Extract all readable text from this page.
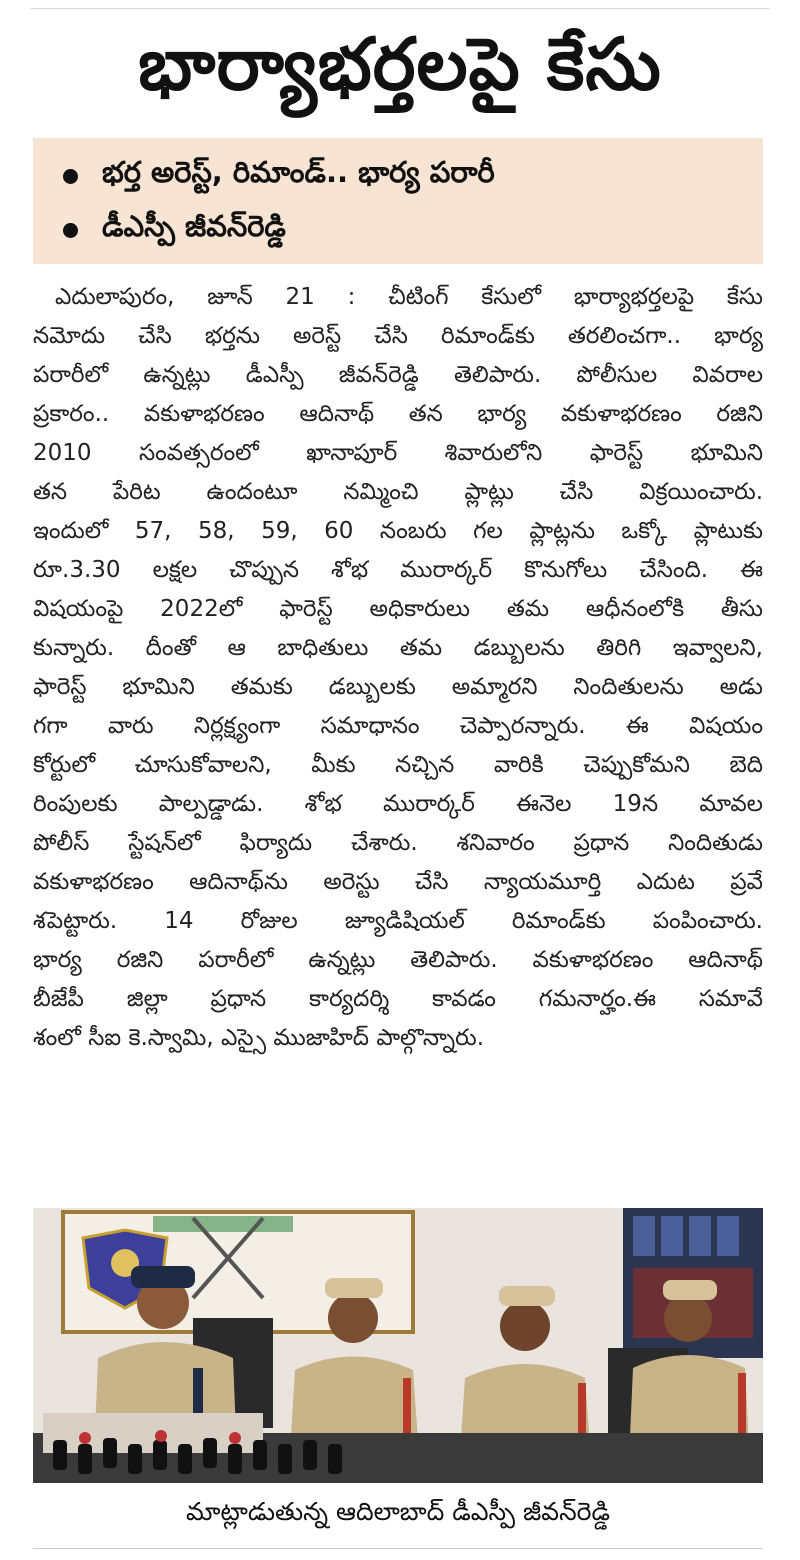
భార్యాభర్తలపై కేసు
భర్త అరెస్ట్, రిమాండ్.. భార్య పరారీ
డీఎస్పీ జీవన్‌రెడ్డి
ఎదులాపురం, జూన్ 21 : చీటింగ్ కేసులో భార్యాభర్తలపై కేసు
నమోదు చేసి భర్తను అరెస్ట్ చేసి రిమాండ్‌కు తరలించగా.. భార్య
పరారీలో ఉన్నట్లు డీఎస్పీ జీవన్‌రెడ్డి తెలిపారు. పోలీసుల వివరాల
ప్రకారం.. వకుళాభరణం ఆదినాథ్ తన భార్య వకుళాభరణం రజిని
2010 సంవత్సరంలో ఖానాపూర్ శివారులోని ఫారెస్ట్ భూమిని
తన పేరిట ఉందంటూ నమ్మించి ప్లాట్లు చేసి విక్రయించారు.
ఇందులో 57, 58, 59, 60 నంబరు గల ప్లాట్లను ఒక్కో ప్లాటుకు
రూ.3.30 లక్షల చొప్పున శోభ మురార్కర్ కొనుగోలు చేసింది. ఈ
విషయంపై 2022లో ఫారెస్ట్ అధికారులు తమ ఆధీనంలోకి తీసు
కున్నారు. దీంతో ఆ బాధితులు తమ డబ్బులను తిరిగి ఇవ్వాలని,
ఫారెస్ట్ భూమిని తమకు డబ్బులకు అమ్మారని నిందితులను అడు
గగా వారు నిర్లక్ష్యంగా సమాధానం చెప్పారన్నారు. ఈ విషయం
కోర్టులో చూసుకోవాలని, మీకు నచ్చిన వారికి చెప్పుకోమని బెది
రింపులకు పాల్పడ్డాడు. శోభ మురార్కర్ ఈనెల 19న మావల
పోలీస్ స్టేషన్‌లో ఫిర్యాదు చేశారు. శనివారం ప్రధాన నిందితుడు
వకుళాభరణం ఆదినాథ్‌ను అరెస్టు చేసి న్యాయమూర్తి ఎదుట ప్రవే
శపెట్టారు. 14 రోజుల జ్యూడిషియల్ రిమాండ్‌కు పంపించారు.
భార్య రజిని పరారీలో ఉన్నట్లు తెలిపారు. వకుళాభరణం ఆదినాథ్
బీజేపీ జిల్లా ప్రధాన కార్యదర్శి కావడం గమనార్హం.ఈ సమావే
శంలో సీఐ కె.స్వామి, ఎస్సై ముజాహిద్ పాల్గొన్నారు.
మాట్లాడుతున్న ఆదిలాబాద్ డీఎస్పీ జీవన్‌రెడ్డి
